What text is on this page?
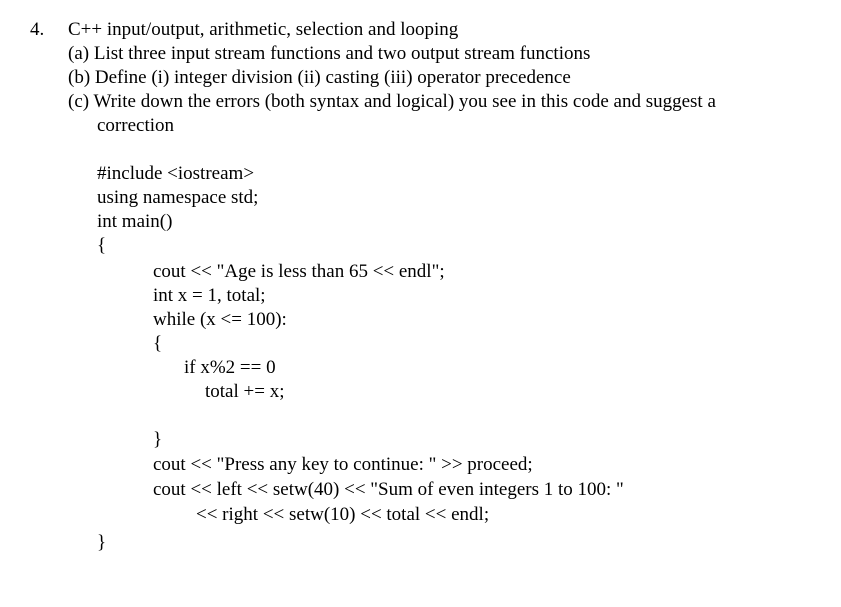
4. C++ input/output, arithmetic, selection and looping
(a) List three input stream functions and two output stream functions
(b) Define (i) integer division (ii) casting (iii) operator precedence
(c) Write down the errors (both syntax and logical) you see in this code and suggest a
correction
#include <iostream>
using namespace std;
int main()
{
cout << "Age is less than 65 << endl";
int x = 1, total;
while (x <= 100):
{
if x%2 == 0
total += x;
}
cout << "Press any key to continue: " >> proceed;
cout << left << setw(40) << "Sum of even integers 1 to 100: "
<< right << setw(10) << total << endl;
}
